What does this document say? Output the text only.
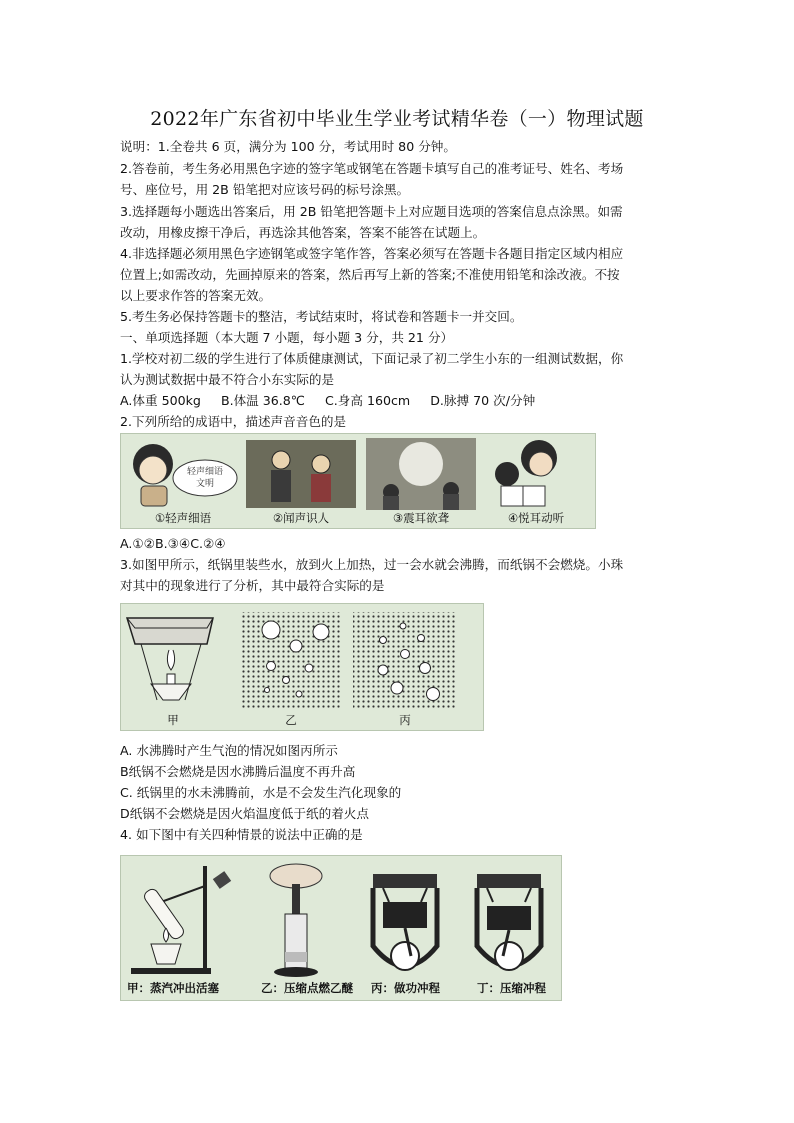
2022年广东省初中毕业生学业考试精华卷（一）物理试题
说明：1.全卷共 6 页，满分为 100 分，考试用时 80 分钟。
2.答卷前，考生务必用黑色字迹的签字笔或钢笔在答题卡填写自己的准考证号、姓名、考场
号、座位号，用 2B 铅笔把对应该号码的标号涂黑。
3.选择题每小题选出答案后，用 2B 铅笔把答题卡上对应题目选项的答案信息点涂黑。如需
改动，用橡皮擦干净后，再选涂其他答案，答案不能答在试题上。
4.非选择题必须用黑色字迹钢笔或签字笔作答，答案必须写在答题卡各题目指定区域内相应
位置上;如需改动，先画掉原来的答案，然后再写上新的答案;不准使用铅笔和涂改液。不按
以上要求作答的答案无效。
5.考生务必保持答题卡的整洁，考试结束时，将试卷和答题卡一并交回。
一、单项选择题（本大题 7 小题，每小题 3 分，共 21 分）
1.学校对初二级的学生进行了体质健康测试，下面记录了初二学生小东的一组测试数据，你
认为测试数据中最不符合小东实际的是
A.体重 500kg B.体温 36.8℃ C.身高 160cm D.脉搏 70 次/分钟
2.下列所给的成语中，描述声音音色的是
轻声细语
文明
①轻声细语	②闻声识人	③震耳欲聋	④悦耳动听
A.①②B.③④C.②④
3.如图甲所示，纸锅里装些水，放到火上加热，过一会水就会沸腾，而纸锅不会燃烧。小珠
对其中的现象进行了分析，其中最符合实际的是
甲	乙	丙
A. 水沸腾时产生气泡的情况如图丙所示
B纸锅不会燃烧是因水沸腾后温度不再升高
C. 纸锅里的水未沸腾前，水是不会发生汽化现象的
D纸锅不会燃烧是因火焰温度低于纸的着火点
4. 如下图中有关四种情景的说法中正确的是
甲：蒸汽冲出活塞	乙：压缩点燃乙醚 丙：做功冲程	丁：压缩冲程
